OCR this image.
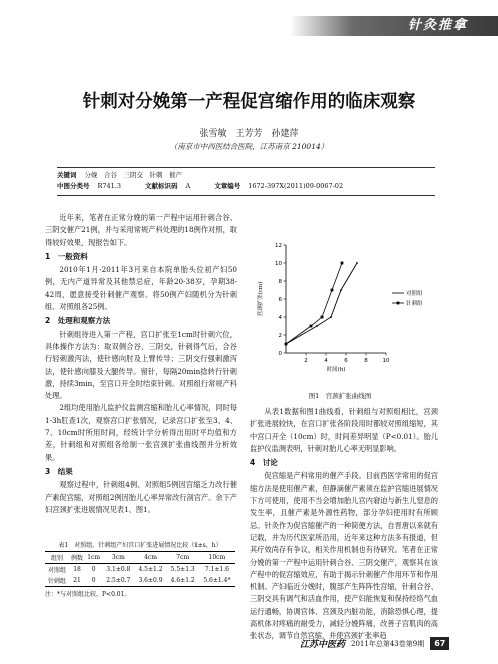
针灸推拿
针刺对分娩第一产程促宫缩作用的临床观察
张雪敏　王芳芳　孙建萍
（南京市中西医结合医院，江苏南京 210014）
关键词 分娩　合谷　三阴交　针刺　催产
中图分类号 R741.3	文献标识码 A	文章编号 1672-397X(2011)09-0067-02

近年来，笔者在正常分娩的第一产程中运用针刺合谷、三阴交催产21例，并与采用常规产科处理的18例作对照，取得较好效果，现报告如下。

1　一般资料

2010年1月-2011年3月来自本院单胎头位初产妇50例，无内产道异常及其他禁忌症，年龄20-38岁，孕期38-42周，愿意接受针刺催产观察。将50例产妇随机分为针刺组、对照组各25例。

2　处理和观察方法

针刺组待进入第一产程，宫口扩张至1cm时针刺穴位，具体操作方法为：取双侧合谷、三阴交，针刺得气后，合谷行轻刺激泻法，使针感向肘及上臂传导；三阴交行强刺激泻法，使针感向膝及大腿传导。留针，每隔20min捻转行针刺激，持续3min，至宫口开全时结束针刺。对照组行常规产科处理。

2组均使用胎儿监护仪监测宫缩和胎儿心率情况，同时每1-3h肛查1次，观察宫口扩张情况，记录宫口扩张至3、4、7、10cm时所用时间，经统计学分析得出用时平均值和方差，针刺组和对照组各给制一张宫颈扩张曲线图并分析效果。

3　结果

观察过程中，针刺组4例、对照组5例因宫缩乏力改行催产素促宫缩，对照组2例因胎儿心率异常改行剖宫产。余下产妇宫颈扩张进展情况见表1、图1。

2	4	6	8	10
0
2
4
6
8
10
12
时间(h)
宫颈扩张(cm)	对照组
针刺组
图1　宫颈扩张曲线图

从表1数据和图1曲线看，针刺组与对照组相比，宫颈扩张进展较快，在宫口扩张各阶段用时都较对照组缩短，其中宫口开全（10cm）时，时间差异明显（P<0.01）。胎儿监护仪监测表明，针刺对胎儿心率无明显影响。

4　讨论

促宫缩是产科常用的催产手段。目前西医学常用的促宫缩方法是使用催产素，但静滴催产素须在监护宫缩进展情况下方可使用，使用不当会增加胎儿宫内窘迫与新生儿窒息的发生率，且催产素是外源性药物，部分孕妇使用时有所顾忌。针灸作为促宫缩催产的一种简便方法，自晋唐以来就有记载，并为历代医家所沿用，近年来这种方法多有报道，但其疗效尚存有争议，相关作用机制也有待研究。笔者在正常分娩的第一产程中运用针刺合谷、三阴交催产，观察其在该产程中的促宫缩效应，有助于揭示针刺催产作用环节和作用机制。产妇临近分娩时，腹部产生阵阵性宫缩，针刺合谷、三阴交具有调气和活血作用，使产妇能恢复和保持经络气血运行通畅，协调宫体、宫颈及内脏功能，消除恐惧心理，提高机体对疼痛的耐受力，减轻分娩阵痛，改善子宫肌肉的高张状态，调节自然宫缩，并使宫颈扩张率趋

表1　对照组、针刺组产妇宫口扩张进展情况比较（x̄±s，h）
组别	例数	1cm	3cm	4cm	7cm	10cm
对照组	18	0	3.1±0.8	4.5±1.2	5.5±1.3	7.1±1.6
针刺组	21	0	2.5±0.7	3.6±0.9	4.6±1.2	5.6±1.4*
注：*与对照组比较，P<0.01。
江苏中医药 2011年总第43卷第9期	67
